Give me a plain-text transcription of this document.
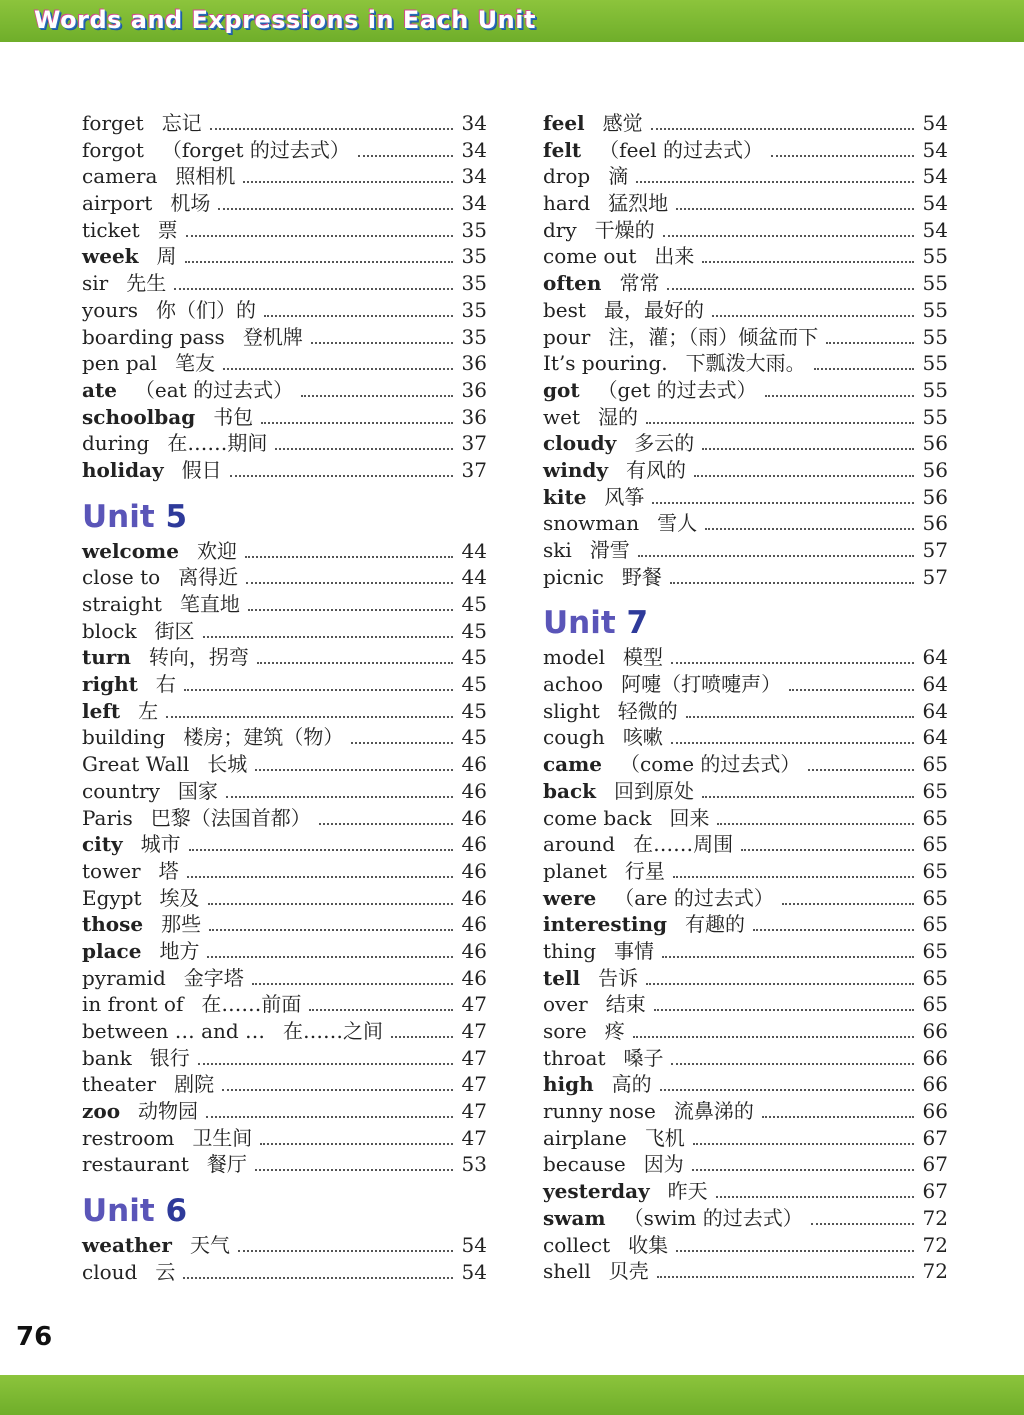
Words and Expressions in Each Unit
forget 忘记	34
forgot （forget 的过去式）	34
camera 照相机	34
airport 机场	34
ticket 票	35
week 周	35
sir 先生	35
yours 你（们）的	35
boarding pass 登机牌	35
pen pal 笔友	36
ate （eat 的过去式）	36
schoolbag 书包	36
during 在……期间	37
holiday 假日	37
Unit 5
welcome 欢迎	44
close to 离得近	44
straight 笔直地	45
block 街区	45
turn 转向，拐弯	45
right 右	45
left 左	45
building 楼房；建筑（物）	45
Great Wall 长城	46
country 国家	46
Paris 巴黎（法国首都）	46
city 城市	46
tower 塔	46
Egypt 埃及	46
those 那些	46
place 地方	46
pyramid 金字塔	46
in front of 在……前面	47
between … and … 在……之间	47
bank 银行	47
theater 剧院	47
zoo 动物园	47
restroom 卫生间	47
restaurant 餐厅	53
Unit 6
weather 天气	54
cloud 云	54
feel 感觉	54
felt （feel 的过去式）	54
drop 滴	54
hard 猛烈地	54
dry 干燥的	54
come out 出来	55
often 常常	55
best 最，最好的	55
pour 注，灌；（雨）倾盆而下	55
It’s pouring. 下瓢泼大雨。	55
got （get 的过去式）	55
wet 湿的	55
cloudy 多云的	56
windy 有风的	56
kite 风筝	56
snowman 雪人	56
ski 滑雪	57
picnic 野餐	57
Unit 7
model 模型	64
achoo 阿嚏（打喷嚏声）	64
slight 轻微的	64
cough 咳嗽	64
came （come 的过去式）	65
back 回到原处	65
come back 回来	65
around 在……周围	65
planet 行星	65
were （are 的过去式）	65
interesting 有趣的	65
thing 事情	65
tell 告诉	65
over 结束	65
sore 疼	66
throat 嗓子	66
high 高的	66
runny nose 流鼻涕的	66
airplane 飞机	67
because 因为	67
yesterday 昨天	67
swam （swim 的过去式）	72
collect 收集	72
shell 贝壳	72
76
